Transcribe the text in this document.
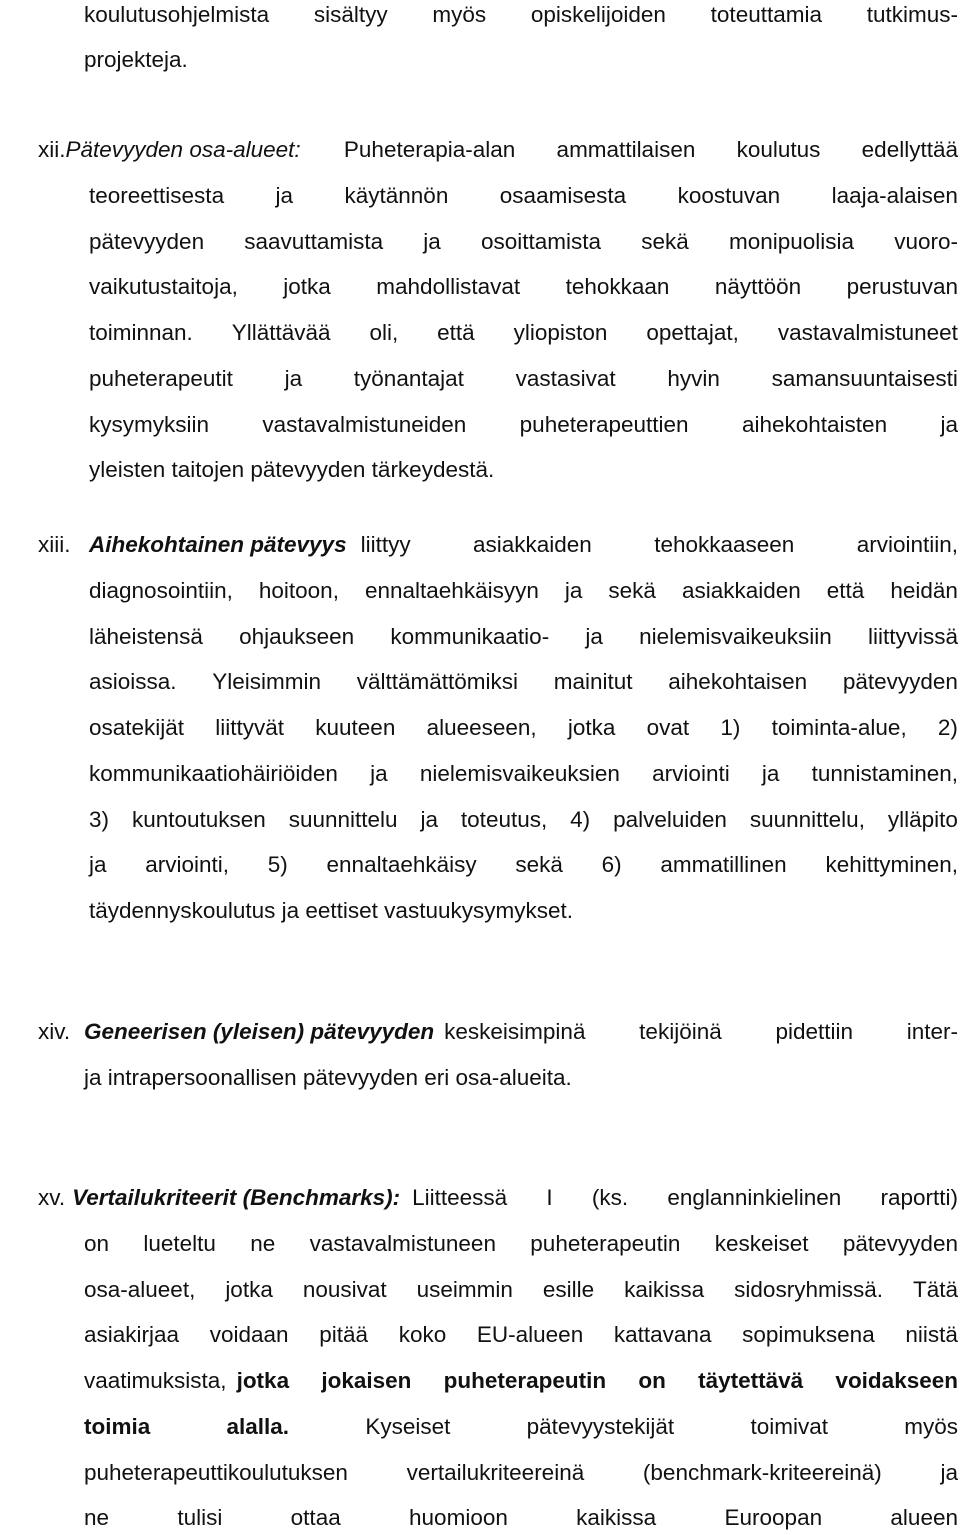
koulutusohjelmista sisältyy myös opiskelijoiden toteuttamia tutkimus-
projekteja.
xii. Pätevyyden osa-alueet: Puheterapia-alan ammattilaisen koulutus edellyttää
teoreettisesta ja käytännön osaamisesta koostuvan laaja-alaisen
pätevyyden saavuttamista ja osoittamista sekä monipuolisia vuoro-
vaikutustaitoja, jotka mahdollistavat tehokkaan näyttöön perustuvan
toiminnan. Yllättävää oli, että yliopiston opettajat, vastavalmistuneet
puheterapeutit ja työnantajat vastasivat hyvin samansuuntaisesti
kysymyksiin vastavalmistuneiden puheterapeuttien aihekohtaisten ja
yleisten taitojen pätevyyden tärkeydestä.
xiii. Aihekohtainen pätevyys liittyy asiakkaiden tehokkaaseen arviointiin,
diagnosointiin, hoitoon, ennaltaehkäisyyn ja sekä asiakkaiden että heidän
läheistensä ohjaukseen kommunikaatio- ja nielemisvaikeuksiin liittyvissä
asioissa. Yleisimmin välttämättömiksi mainitut aihekohtaisen pätevyyden
osatekijät liittyvät kuuteen alueeseen, jotka ovat 1) toiminta-alue, 2)
kommunikaatiohäiriöiden ja nielemisvaikeuksien arviointi ja tunnistaminen,
3) kuntoutuksen suunnittelu ja toteutus, 4) palveluiden suunnittelu, ylläpito
ja arviointi, 5) ennaltaehkäisy sekä 6) ammatillinen kehittyminen,
täydennyskoulutus ja eettiset vastuukysymykset.
xiv. Geneerisen (yleisen) pätevyyden keskeisimpinä tekijöinä pidettiin inter-
ja intrapersoonallisen pätevyyden eri osa-alueita.
xv. Vertailukriteerit (Benchmarks): Liitteessä I (ks. englanninkielinen raportti)
on lueteltu ne vastavalmistuneen puheterapeutin keskeiset pätevyyden
osa-alueet, jotka nousivat useimmin esille kaikissa sidosryhmissä. Tätä
asiakirjaa voidaan pitää koko EU-alueen kattavana sopimuksena niistä
vaatimuksista, jotka jokaisen puheterapeutin on täytettävä voidakseen
toimia	alalla.	Kyseiset	pätevyystekijät	toimivat	myös
puheterapeuttikoulutuksen	vertailukriteereinä	(benchmark-kriteereinä)	ja
ne	tulisi	ottaa	huomioon	kaikissa	Euroopan	alueen
